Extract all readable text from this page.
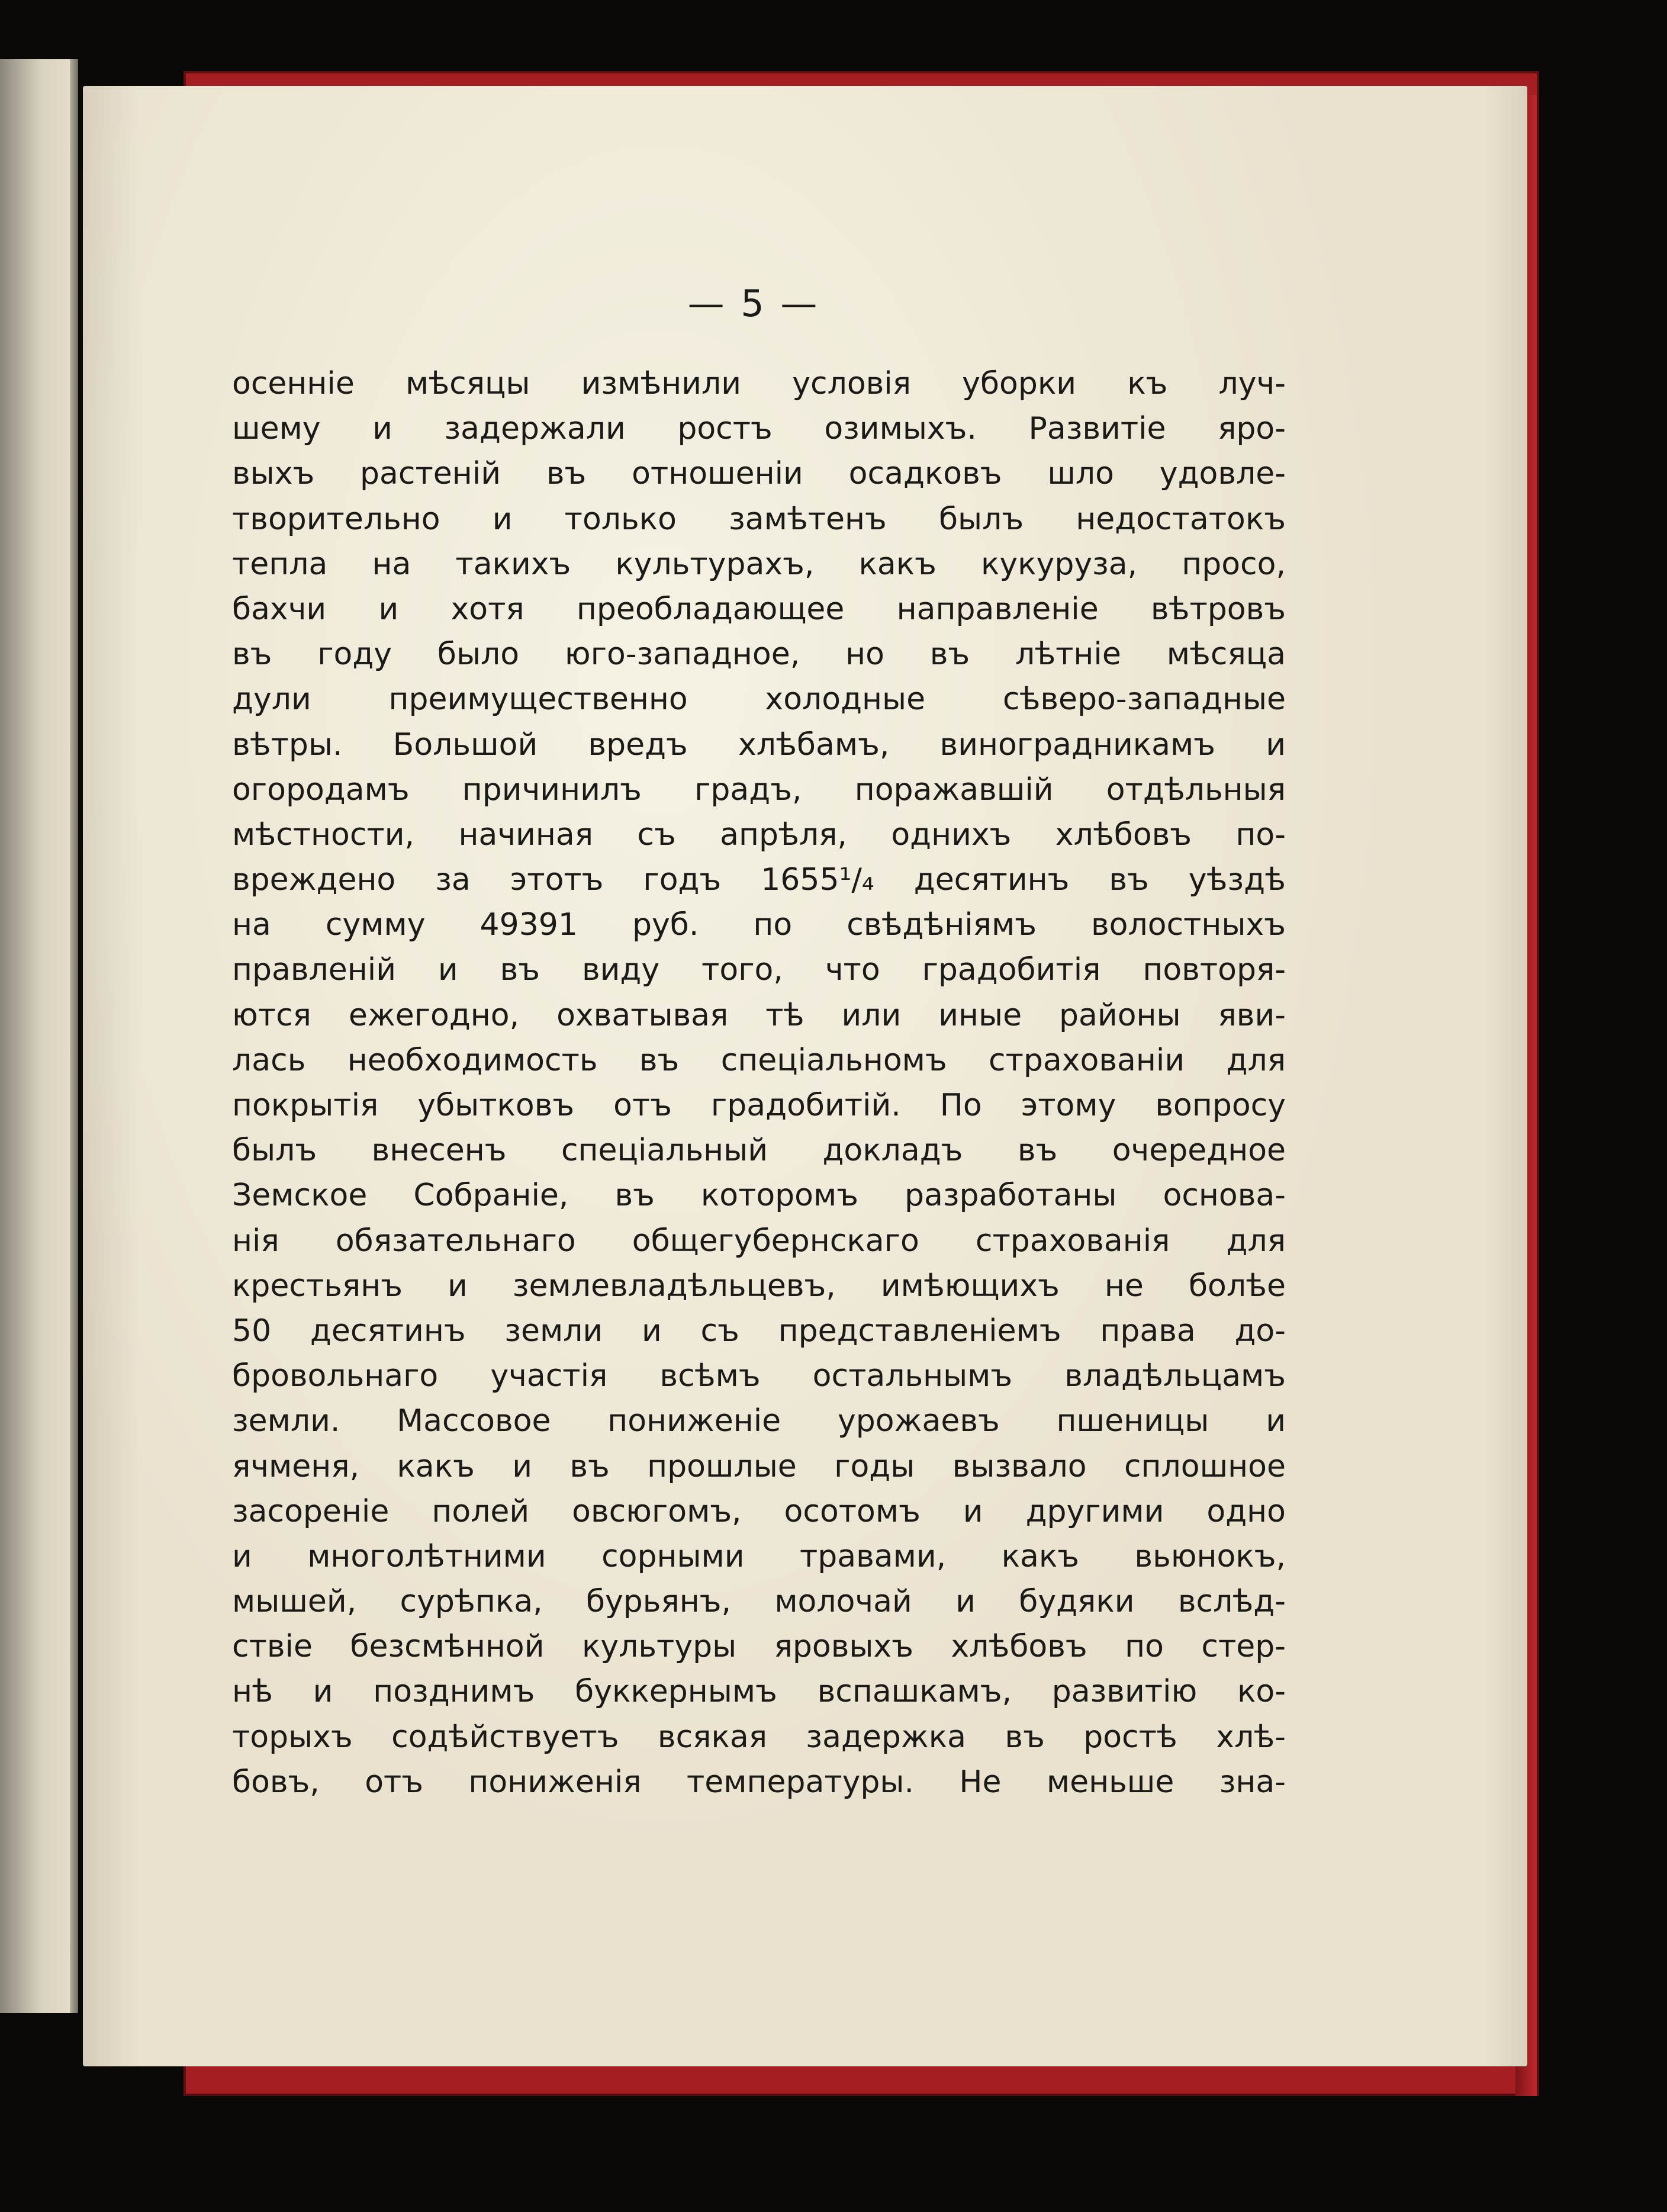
— 5 —
осеннie мѣсяцы измѣнили условiя уборки къ луч-
шему и задержали ростъ озимыхъ. Развитie яро-
выхъ растенiй въ отношенiи осадковъ шло удовле-
творительно и только замѣтенъ былъ недостатокъ
тепла на такихъ культурахъ, какъ кукуруза, просо,
бахчи и хотя преобладающее направленie вѣтровъ
въ году было юго-западное, но въ лѣтнie мѣсяца
дули преимущественно холодные сѣверо-западные
вѣтры. Большой вредъ хлѣбамъ, виноградникамъ и
огородамъ причинилъ градъ, поражавшiй отдѣльныя
мѣстности, начиная съ апрѣля, однихъ хлѣбовъ по-
вреждено за этотъ годъ 1655¹/₄ десятинъ въ уѣздѣ
на сумму 49391 руб. по свѣдѣнiямъ волостныхъ
правленiй и въ виду того, что градобитiя повторя-
ются ежегодно, охватывая тѣ или иные районы яви-
лась необходимость въ спецiальномъ страхованiи для
покрытiя убытковъ отъ градобитiй. По этому вопросу
былъ внесенъ спецiальный докладъ въ очередное
Земское Собранie, въ которомъ разработаны основа-
нiя обязательнаго общегубернскаго страхованiя для
крестьянъ и землевладѣльцевъ, имѣющихъ не болѣе
50 десятинъ земли и съ представленiемъ права до-
бровольнаго участiя всѣмъ остальнымъ владѣльцамъ
земли. Массовое пониженie урожаевъ пшеницы и
ячменя, какъ и въ прошлые годы вызвало сплошное
засоренie полей овсюгомъ, осотомъ и другими одно
и многолѣтними сорными травами, какъ вьюнокъ,
мышей, сурѣпка, бурьянъ, молочай и будяки вслѣд-
ствie безсмѣнной культуры яровыхъ хлѣбовъ по стер-
нѣ и позднимъ буккернымъ вспашкамъ, развитiю ко-
торыхъ содѣйствуетъ всякая задержка въ ростѣ хлѣ-
бовъ, отъ пониженiя температуры. Не меньше зна-
